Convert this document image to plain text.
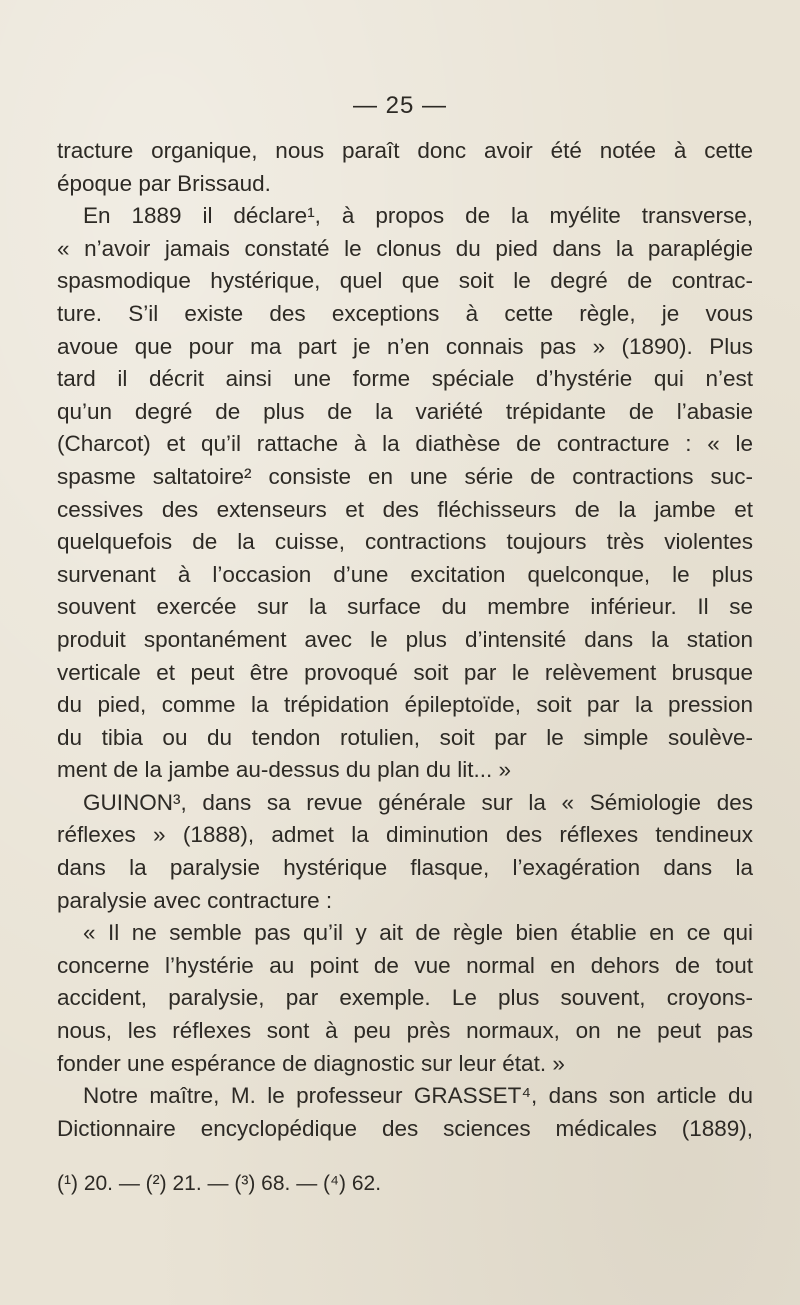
— 25 —
tracture organique, nous paraît donc avoir été notée à cette
époque par Brissaud.
En 1889 il déclare¹, à propos de la myélite transverse,
« n’avoir jamais constaté le clonus du pied dans la paraplégie
spasmodique hystérique, quel que soit le degré de contrac-
ture. S’il existe des exceptions à cette règle, je vous
avoue que pour ma part je n’en connais pas » (1890). Plus
tard il décrit ainsi une forme spéciale d’hystérie qui n’est
qu’un degré de plus de la variété trépidante de l’abasie
(Charcot) et qu’il rattache à la diathèse de contracture : « le
spasme saltatoire² consiste en une série de contractions suc-
cessives des extenseurs et des fléchisseurs de la jambe et
quelquefois de la cuisse, contractions toujours très violentes
survenant à l’occasion d’une excitation quelconque, le plus
souvent exercée sur la surface du membre inférieur. Il se
produit spontanément avec le plus d’intensité dans la station
verticale et peut être provoqué soit par le relèvement brusque
du pied, comme la trépidation épileptoïde, soit par la pression
du tibia ou du tendon rotulien, soit par le simple soulève-
ment de la jambe au-dessus du plan du lit... »
GUINON³, dans sa revue générale sur la « Sémiologie des
réflexes » (1888), admet la diminution des réflexes tendineux
dans la paralysie hystérique flasque, l’exagération dans la
paralysie avec contracture :
« Il ne semble pas qu’il y ait de règle bien établie en ce qui
concerne l’hystérie au point de vue normal en dehors de tout
accident, paralysie, par exemple. Le plus souvent, croyons-
nous, les réflexes sont à peu près normaux, on ne peut pas
fonder une espérance de diagnostic sur leur état. »
Notre maître, M. le professeur GRASSET⁴, dans son article du
Dictionnaire encyclopédique des sciences médicales (1889),
(¹) 20. — (²) 21. — (³) 68. — (⁴) 62.
